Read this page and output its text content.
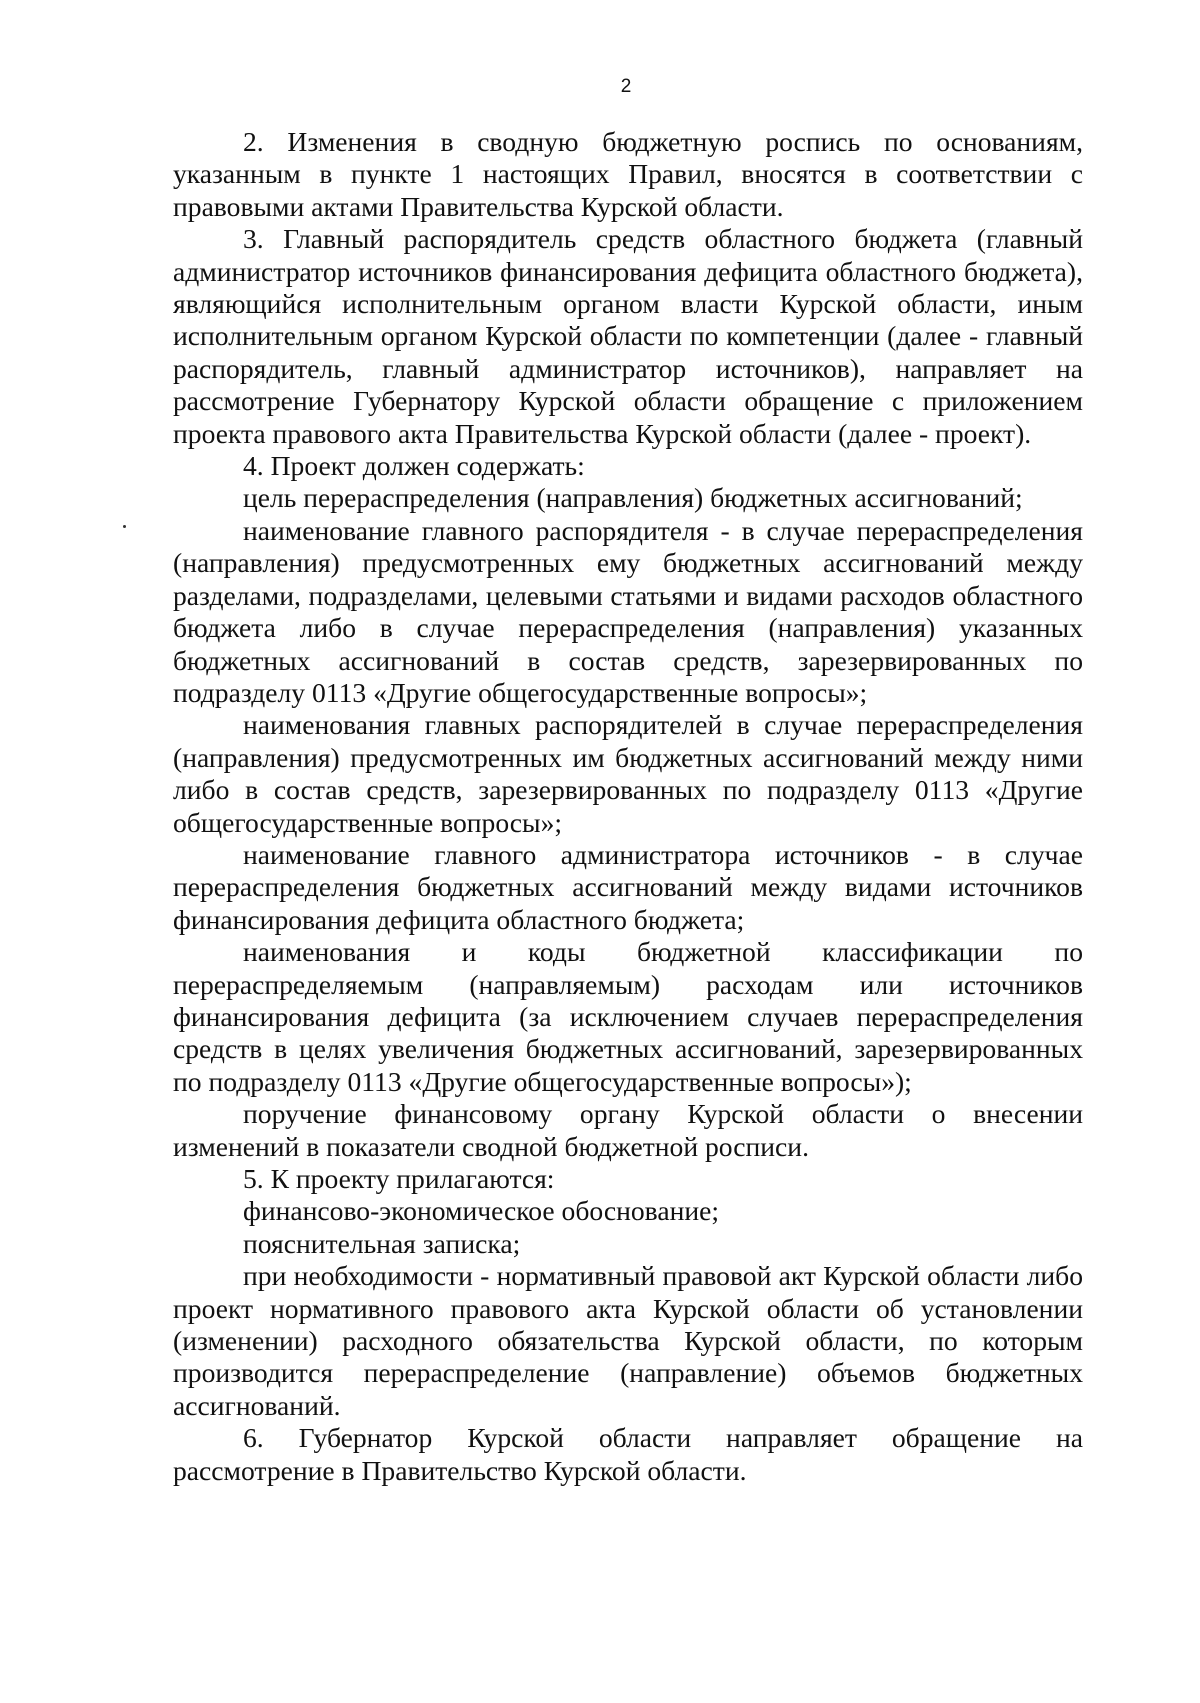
2

2. Изменения в сводную бюджетную роспись по основаниям, указанным в пункте 1 настоящих Правил, вносятся в соответствии с правовыми актами Правительства Курской области.

3. Главный распорядитель средств областного бюджета (главный администратор источников финансирования дефицита областного бюджета), являющийся исполнительным органом власти Курской области, иным исполнительным органом Курской области по компетенции (далее - главный распорядитель, главный администратор источников), направляет на рассмотрение Губернатору Курской области обращение с приложением проекта правового акта Правительства Курской области (далее - проект).

4. Проект должен содержать:

цель перераспределения (направления) бюджетных ассигнований;

наименование главного распорядителя - в случае перераспределения (направления) предусмотренных ему бюджетных ассигнований между разделами, подразделами, целевыми статьями и видами расходов областного бюджета либо в случае перераспределения (направления) указанных бюджетных ассигнований в состав средств, зарезервированных по подразделу 0113 «Другие общегосударственные вопросы»;

наименования главных распорядителей в случае перераспределения (направления) предусмотренных им бюджетных ассигнований между ними либо в состав средств, зарезервированных по подразделу 0113 «Другие общегосударственные вопросы»;

наименование главного администратора источников - в случае перераспределения бюджетных ассигнований между видами источников финансирования дефицита областного бюджета;

наименования и коды бюджетной классификации по перераспределяемым (направляемым) расходам или источников финансирования дефицита (за исключением случаев перераспределения средств в целях увеличения бюджетных ассигнований, зарезервированных по подразделу 0113 «Другие общегосударственные вопросы»);

поручение финансовому органу Курской области о внесении изменений в показатели сводной бюджетной росписи.

5. К проекту прилагаются:

финансово-экономическое обоснование;

пояснительная записка;

при необходимости - нормативный правовой акт Курской области либо проект нормативного правового акта Курской области об установлении (изменении) расходного обязательства Курской области, по которым производится перераспределение (направление) объемов бюджетных ассигнований.

6. Губернатор Курской области направляет обращение на рассмотрение в Правительство Курской области.
